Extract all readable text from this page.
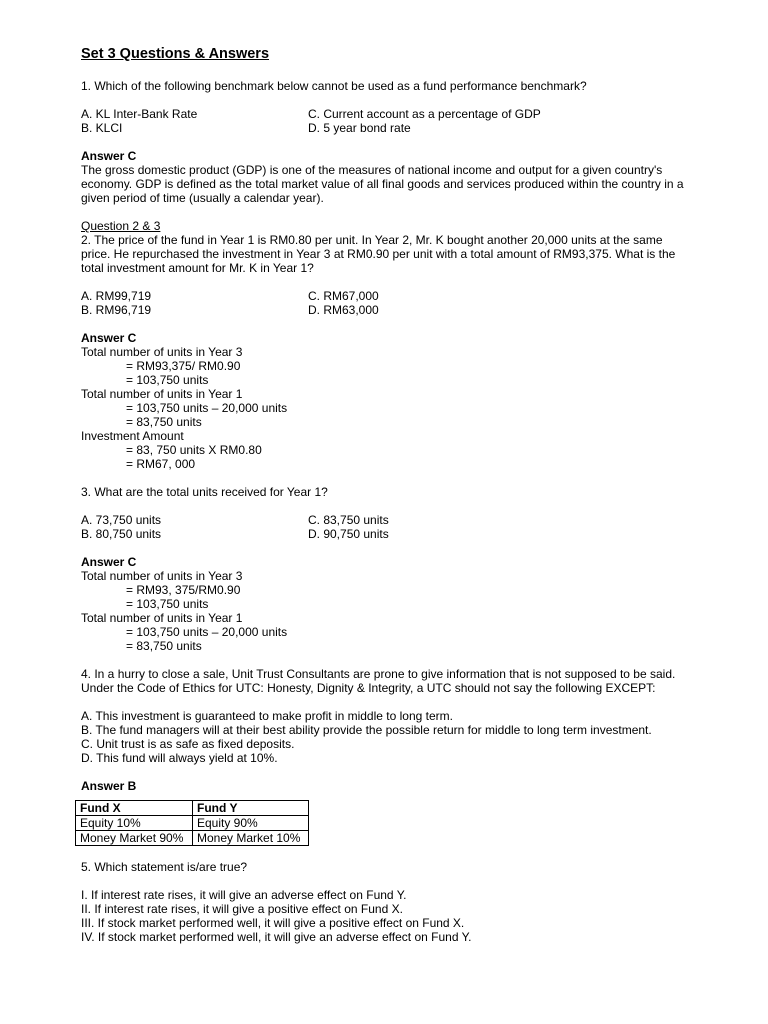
Set 3 Questions & Answers

1. Which of the following benchmark below cannot be used as a fund performance benchmark?

A. KL Inter-Bank Rate	C. Current account as a percentage of GDP
B. KLCI	D. 5 year bond rate

Answer C

The gross domestic product (GDP) is one of the measures of national income and output for a given country's

economy. GDP is defined as the total market value of all final goods and services produced within the country in a

given period of time (usually a calendar year).

Question 2 & 3

2. The price of the fund in Year 1 is RM0.80 per unit. In Year 2, Mr. K bought another 20,000 units at the same

price. He repurchased the investment in Year 3 at RM0.90 per unit with a total amount of RM93,375. What is the

total investment amount for Mr. K in Year 1?

A. RM99,719	C. RM67,000
B. RM96,719	D. RM63,000

Answer C

Total number of units in Year 3

= RM93,375/ RM0.90

= 103,750 units

Total number of units in Year 1

= 103,750 units – 20,000 units

= 83,750 units

Investment Amount

= 83, 750 units X RM0.80

= RM67, 000

3. What are the total units received for Year 1?

A. 73,750 units	C. 83,750 units
B. 80,750 units	D. 90,750 units

Answer C

Total number of units in Year 3

= RM93, 375/RM0.90

= 103,750 units

Total number of units in Year 1

= 103,750 units – 20,000 units

= 83,750 units

4. In a hurry to close a sale, Unit Trust Consultants are prone to give information that is not supposed to be said.

Under the Code of Ethics for UTC: Honesty, Dignity & Integrity, a UTC should not say the following EXCEPT:

A. This investment is guaranteed to make profit in middle to long term.

B. The fund managers will at their best ability provide the possible return for middle to long term investment.

C. Unit trust is as safe as fixed deposits.

D. This fund will always yield at 10%.

Answer B

Fund X	Fund Y
Equity 10%	Equity 90%
Money Market 90%	Money Market 10%

5. Which statement is/are true?

I. If interest rate rises, it will give an adverse effect on Fund Y.

II. If interest rate rises, it will give a positive effect on Fund X.

III. If stock market performed well, it will give a positive effect on Fund X.

IV. If stock market performed well, it will give an adverse effect on Fund Y.
